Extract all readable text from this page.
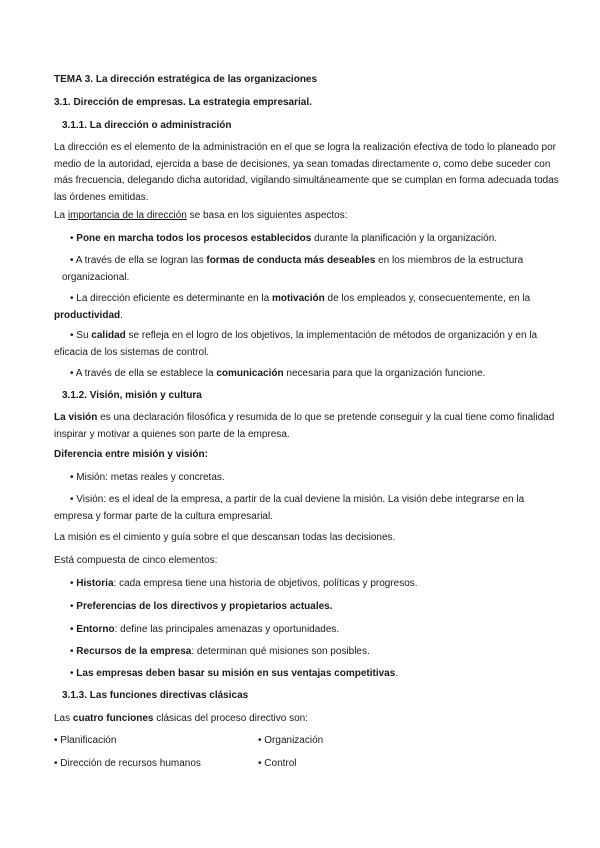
TEMA 3. La dirección estratégica de las organizaciones

3.1. Dirección de empresas. La estrategia empresarial.

3.1.1. La dirección o administración

La dirección es el elemento de la administración en el que se logra la realización efectiva de todo lo planeado por medio de la autoridad, ejercida a base de decisiones, ya sean tomadas directamente o, como debe suceder con más frecuencia, delegando dicha autoridad, vigilando simultáneamente que se cumplan en forma adecuada todas las órdenes emitidas.

La importancia de la dirección se basa en los siguientes aspectos:

• Pone en marcha todos los procesos establecidos durante la planificación y la organización.

• A través de ella se logran las formas de conducta más deseables en los miembros de la estructura organizacional.

• La dirección eficiente es determinante en la motivación de los empleados y, consecuentemente, en la productividad.

• Su calidad se refleja en el logro de los objetivos, la implementación de métodos de organización y en la eficacia de los sistemas de control.

• A través de ella se establece la comunicación necesaria para que la organización funcione.

3.1.2. Visión, misión y cultura

La visión es una declaración filosófica y resumida de lo que se pretende conseguir y la cual tiene como finalidad inspirar y motivar a quienes son parte de la empresa.

Diferencia entre misión y visión:

• Misión: metas reales y concretas.

• Visión: es el ideal de la empresa, a partir de la cual deviene la misión. La visión debe integrarse en la empresa y formar parte de la cultura empresarial.

La misión es el cimiento y guía sobre el que descansan todas las decisiones.

Está compuesta de cinco elementos:

• Historia: cada empresa tiene una historia de objetivos, políticas y progresos.

• Preferencias de los directivos y propietarios actuales.

• Entorno: define las principales amenazas y oportunidades.

• Recursos de la empresa: determinan qué misiones son posibles.

• Las empresas deben basar su misión en sus ventajas competitivas.

3.1.3. Las funciones directivas clásicas

Las cuatro funciones clásicas del proceso directivo son:

• Planificación	• Organización
• Dirección de recursos humanos	• Control
